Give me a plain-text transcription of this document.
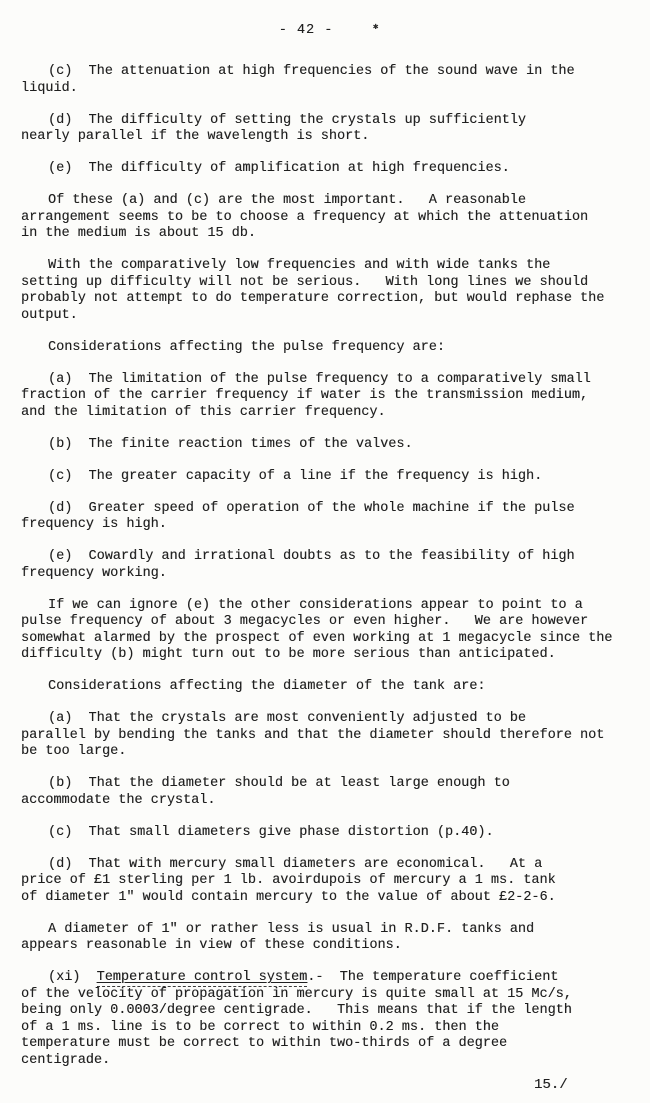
- 42 -	✱
(c)  The attenuation at high frequencies of the sound wave in the
liquid.
(d)  The difficulty of setting the crystals up sufficiently
nearly parallel if the wavelength is short.
(e)  The difficulty of amplification at high frequencies.
Of these (a) and (c) are the most important.   A reasonable
arrangement seems to be to choose a frequency at which the attenuation
in the medium is about 15 db.
With the comparatively low frequencies and with wide tanks the
setting up difficulty will not be serious.   With long lines we should
probably not attempt to do temperature correction, but would rephase the
output.
Considerations affecting the pulse frequency are:
(a)  The limitation of the pulse frequency to a comparatively small
fraction of the carrier frequency if water is the transmission medium,
and the limitation of this carrier frequency.
(b)  The finite reaction times of the valves.
(c)  The greater capacity of a line if the frequency is high.
(d)  Greater speed of operation of the whole machine if the pulse
frequency is high.
(e)  Cowardly and irrational doubts as to the feasibility of high
frequency working.
If we can ignore (e) the other considerations appear to point to a
pulse frequency of about 3 megacycles or even higher.   We are however
somewhat alarmed by the prospect of even working at 1 megacycle since the
difficulty (b) might turn out to be more serious than anticipated.
Considerations affecting the diameter of the tank are:
(a)  That the crystals are most conveniently adjusted to be
parallel by bending the tanks and that the diameter should therefore not
be too large.
(b)  That the diameter should be at least large enough to
accommodate the crystal.
(c)  That small diameters give phase distortion (p.40).
(d)  That with mercury small diameters are economical.   At a
price of £1 sterling per 1 lb. avoirdupois of mercury a 1 ms. tank
of diameter 1" would contain mercury to the value of about £2-2-6.
A diameter of 1" or rather less is usual in R.D.F. tanks and
appears reasonable in view of these conditions.
(xi)  Temperature control system.-  The temperature coefficient
of the velocity of propagation in mercury is quite small at 15 Mc/s,
being only 0.0003/degree centigrade.   This means that if the length
of a 1 ms. line is to be correct to within 0.2 ms. then the
temperature must be correct to within two-thirds of a degree
centigrade.
15./
